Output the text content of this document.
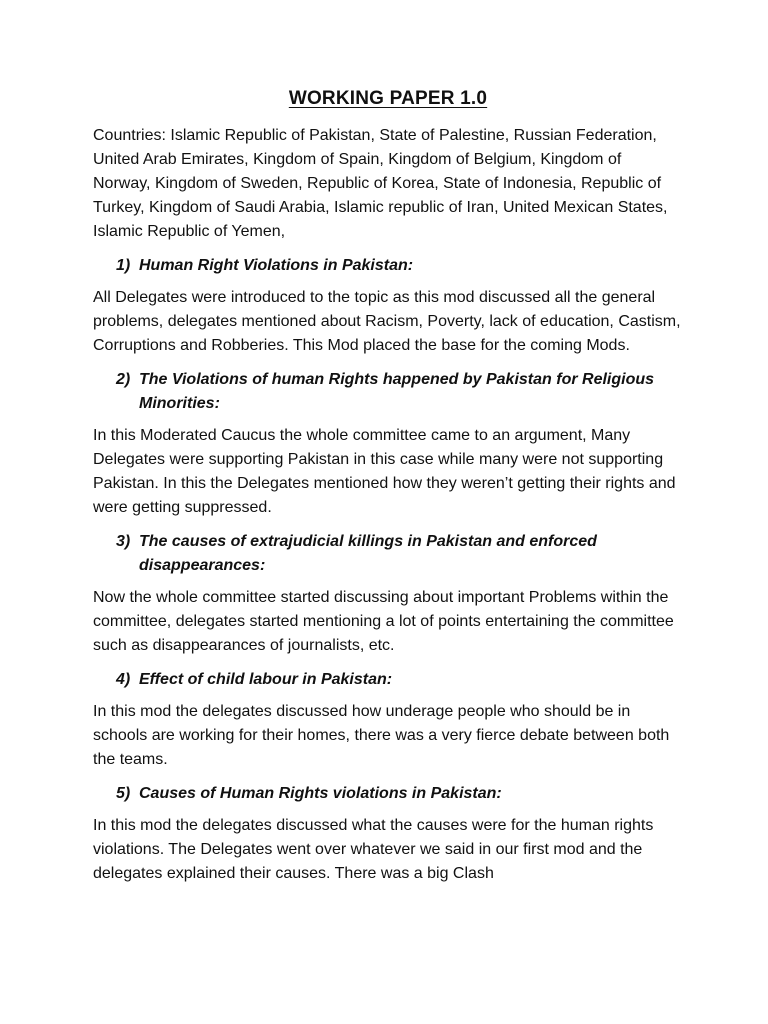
WORKING PAPER 1.0

Countries: Islamic Republic of Pakistan, State of Palestine, Russian Federation, United Arab Emirates, Kingdom of Spain, Kingdom of Belgium, Kingdom of Norway, Kingdom of Sweden, Republic of Korea, State of Indonesia, Republic of Turkey, Kingdom of Saudi Arabia, Islamic republic of Iran, United Mexican States, Islamic Republic of Yemen,

1) Human Right Violations in Pakistan:

All Delegates were introduced to the topic as this mod discussed all the general problems, delegates mentioned about Racism, Poverty, lack of education, Castism, Corruptions and Robberies. This Mod placed the base for the coming Mods.

2) The Violations of human Rights happened by Pakistan for Religious Minorities:

In this Moderated Caucus the whole committee came to an argument, Many Delegates were supporting Pakistan in this case while many were not supporting Pakistan. In this the Delegates mentioned how they weren’t getting their rights and were getting suppressed.

3) The causes of extrajudicial killings in Pakistan and enforced disappearances:

Now the whole committee started discussing about important Problems within the committee, delegates started mentioning a lot of points entertaining the committee such as disappearances of journalists, etc.

4) Effect of child labour in Pakistan:

In this mod the delegates discussed how underage people who should be in schools are working for their homes, there was a very fierce debate between both the teams.

5) Causes of Human Rights violations in Pakistan:

In this mod the delegates discussed what the causes were for the human rights violations. The Delegates went over whatever we said in our first mod and the delegates explained their causes. There was a big Clash
